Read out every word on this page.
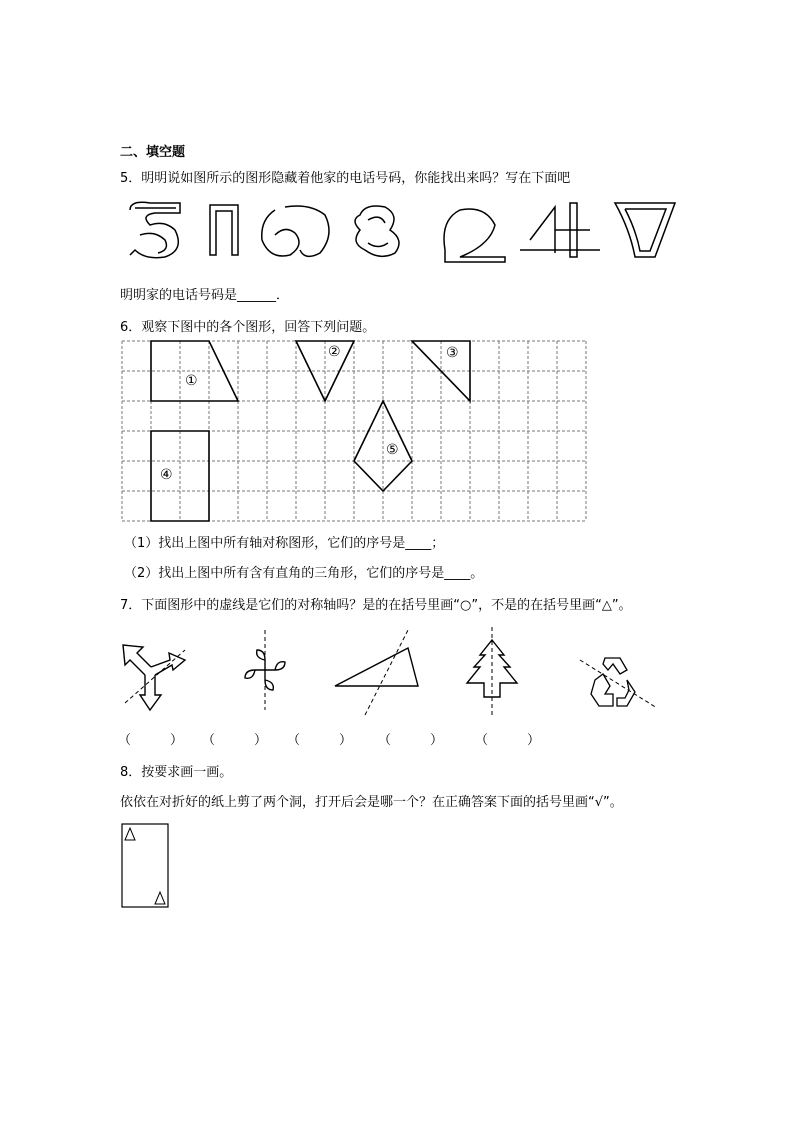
二、填空题
5．明明说如图所示的图形隐藏着他家的电话号码，你能找出来吗？写在下面吧
明明家的电话号码是______．
6．观察下图中的各个图形，回答下列问题。
①
②	③
④
⑤
（1）找出上图中所有轴对称图形，它们的序号是____；
（2）找出上图中所有含有直角的三角形，它们的序号是____。
7．下面图形中的虚线是它们的对称轴吗？是的在括号里画“○”，不是的在括号里画“△”。
（　　　） （　　　） （　　　） （　　　） （　　　）
8．按要求画一画。
依依在对折好的纸上剪了两个洞，打开后会是哪一个？在正确答案下面的括号里画“√”。
